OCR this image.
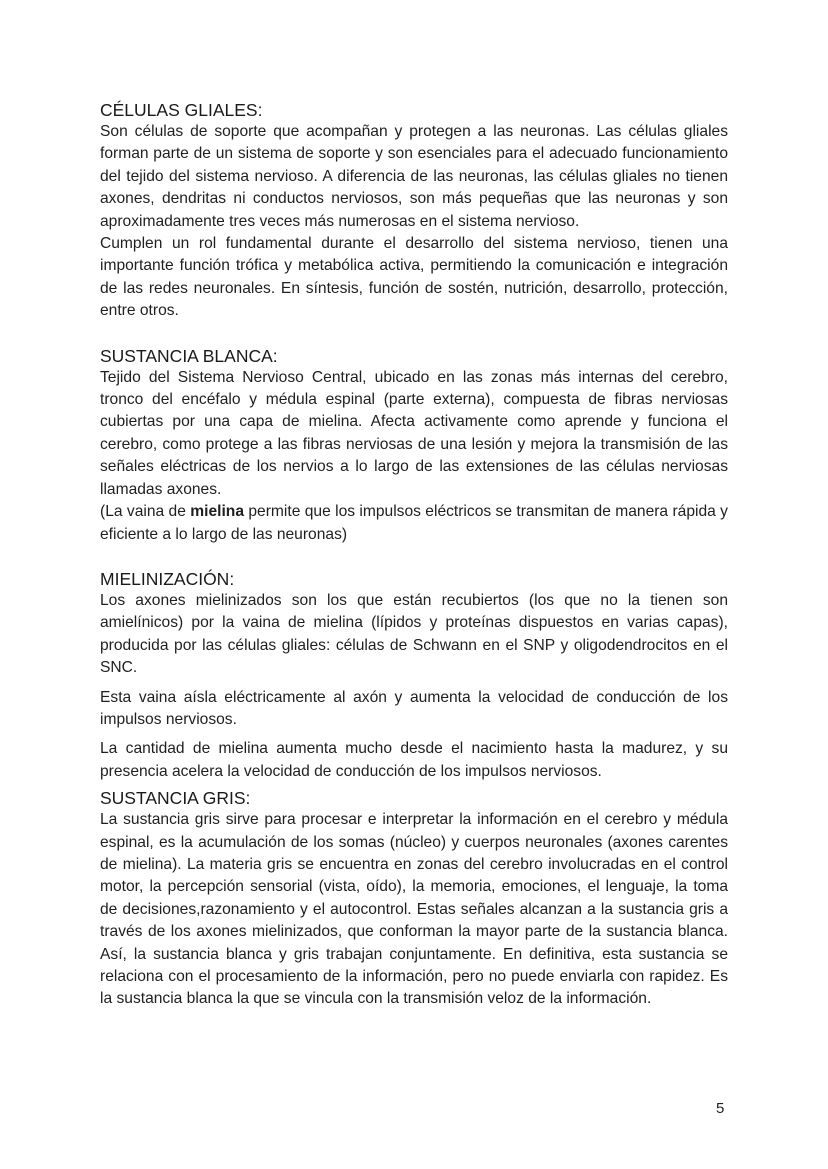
CÉLULAS GLIALES:

Son células de soporte que acompañan y protegen a las neuronas. Las células gliales forman parte de un sistema de soporte y son esenciales para el adecuado funcionamiento del tejido del sistema nervioso. A diferencia de las neuronas, las células gliales no tienen axones, dendritas ni conductos nerviosos, son más pequeñas que las neuronas y son aproximadamente tres veces más numerosas en el sistema nervioso.

Cumplen un rol fundamental durante el desarrollo del sistema nervioso, tienen una importante función trófica y metabólica activa, permitiendo la comunicación e integración de las redes neuronales. En síntesis, función de sostén, nutrición, desarrollo, protección, entre otros.

SUSTANCIA BLANCA:

Tejido del Sistema Nervioso Central, ubicado en las zonas más internas del cerebro, tronco del encéfalo y médula espinal (parte externa), compuesta de fibras nerviosas cubiertas por una capa de mielina. Afecta activamente como aprende y funciona el cerebro, como protege a las fibras nerviosas de una lesión y mejora la transmisión de las señales eléctricas de los nervios a lo largo de las extensiones de las células nerviosas llamadas axones.

(La vaina de mielina permite que los impulsos eléctricos se transmitan de manera rápida y eficiente a lo largo de las neuronas)

MIELINIZACIÓN:

Los axones mielinizados son los que están recubiertos (los que no la tienen son amielínicos) por la vaina de mielina (lípidos y proteínas dispuestos en varias capas), producida por las células gliales: células de Schwann en el SNP y oligodendrocitos en el SNC.

Esta vaina aísla eléctricamente al axón y aumenta la velocidad de conducción de los impulsos nerviosos.

La cantidad de mielina aumenta mucho desde el nacimiento hasta la madurez, y su presencia acelera la velocidad de conducción de los impulsos nerviosos.

SUSTANCIA GRIS:

La sustancia gris sirve para procesar e interpretar la información en el cerebro y médula espinal, es la acumulación de los somas (núcleo) y cuerpos neuronales (axones carentes de mielina). La materia gris se encuentra en zonas del cerebro involucradas en el control motor, la percepción sensorial (vista, oído), la memoria, emociones, el lenguaje, la toma de decisiones,razonamiento y el autocontrol. Estas señales alcanzan a la sustancia gris a través de los axones mielinizados, que conforman la mayor parte de la sustancia blanca. Así, la sustancia blanca y gris trabajan conjuntamente. En definitiva, esta sustancia se relaciona con el procesamiento de la información, pero no puede enviarla con rapidez. Es la sustancia blanca la que se vincula con la transmisión veloz de la información.

5
